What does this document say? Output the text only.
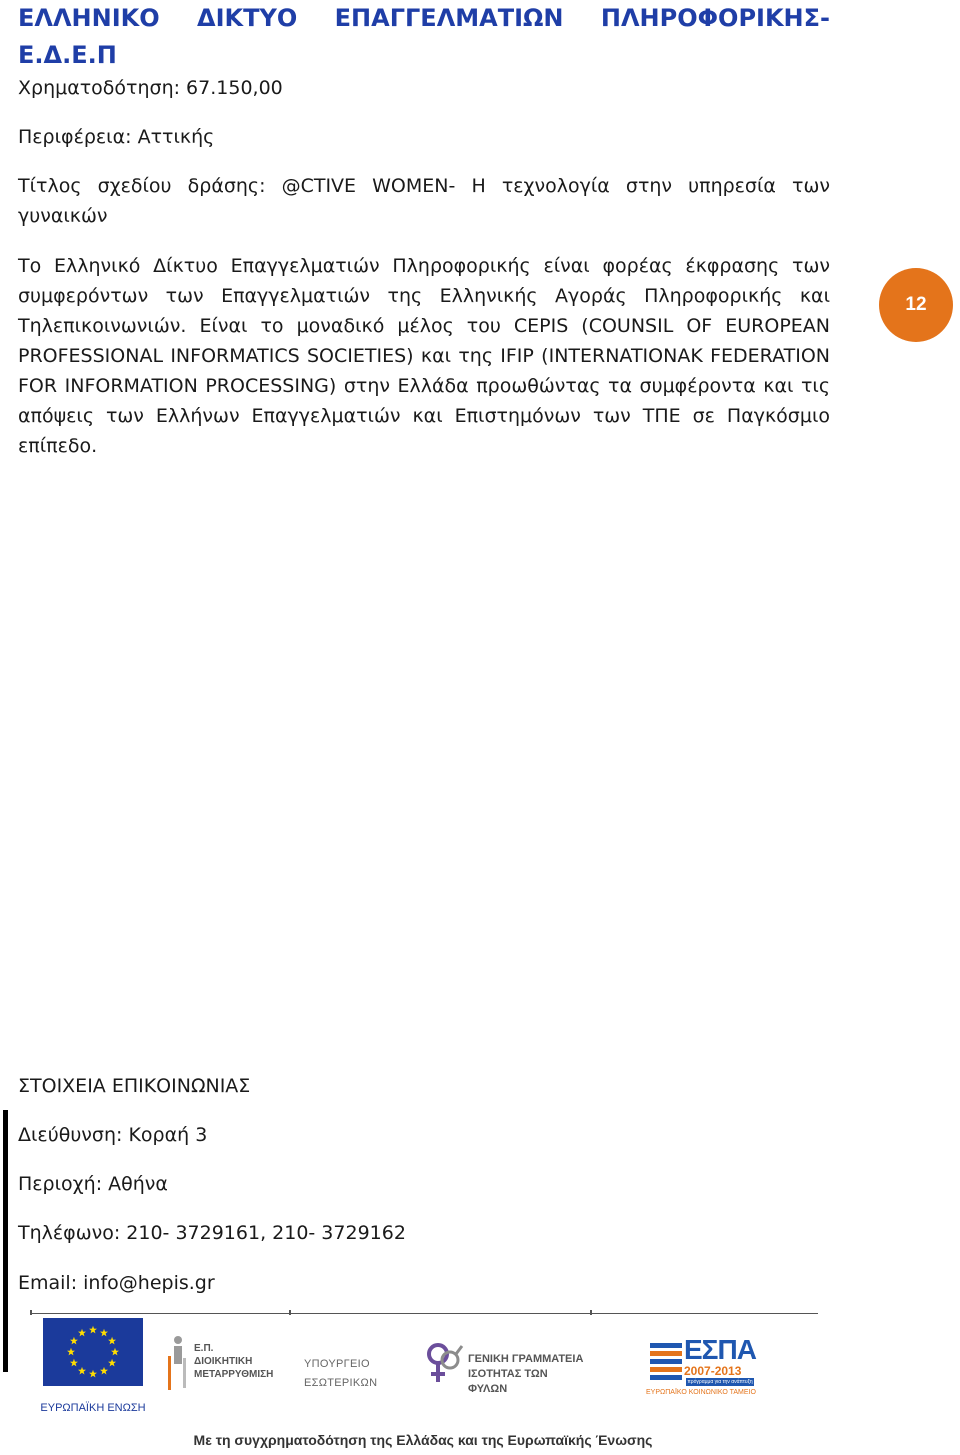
ΕΛΛΗΝΙΚΟ ΔΙΚΤΥΟ ΕΠΑΓΓΕΛΜΑΤΙΩΝ ΠΛΗΡΟΦΟΡΙΚΗΣ- Ε.Δ.Ε.Π

Χρηματοδότηση: 67.150,00

Περιφέρεια: Αττικής

Τίτλος σχεδίου δράσης: @CTIVE WOMEN- Η τεχνολογία στην υπηρεσία των γυναικών

Το Ελληνικό Δίκτυο Επαγγελματιών Πληροφορικής είναι φορέας έκφρασης των συμφερόντων των Επαγγελματιών της Ελληνικής Αγοράς Πληροφορικής και Τηλεπικοινωνιών. Είναι το μοναδικό μέλος του CEPIS (COUNSIL OF EUROPEAN PROFESSIONAL INFORMATICS SOCIETIES) και της IFIP (INTERNATIONAK FEDERATION FOR INFORMATION PROCESSING) στην Ελλάδα προωθώντας τα συμφέροντα και τις απόψεις των Ελλήνων Επαγγελματιών και Επιστημόνων των ΤΠΕ σε Παγκόσμιο επίπεδο.

12

ΣΤΟΙΧΕΙΑ ΕΠΙΚΟΙΝΩΝΙΑΣ

Διεύθυνση: Κοραή 3

Περιοχή: Αθήνα

Τηλέφωνο: 210- 3729161, 210- 3729162

Email: info@hepis.gr

ΕΥΡΩΠΑΪΚΗ ΕΝΩΣΗ

Ε.Π.
ΔΙΟΙΚΗΤΙΚΗ
ΜΕΤΑΡΡΥΘΜΙΣΗ

ΥΠΟΥΡΓΕΙΟ ΕΣΩΤΕΡΙΚΩΝ

ΓΕΝΙΚΗ ΓΡΑΜΜΑΤΕΙΑ
ΙΣΟΤΗΤΑΣ ΤΩΝ ΦΥΛΩΝ

ΕΣΠΑ

2007-2013
πρόγραμμα για την ανάπτυξη
ΕΥΡΩΠΑΪΚΟ ΚΟΙΝΩΝΙΚΟ ΤΑΜΕΙΟ

Με τη συγχρηματοδότηση της Ελλάδας και της Ευρωπαϊκής Ένωσης
